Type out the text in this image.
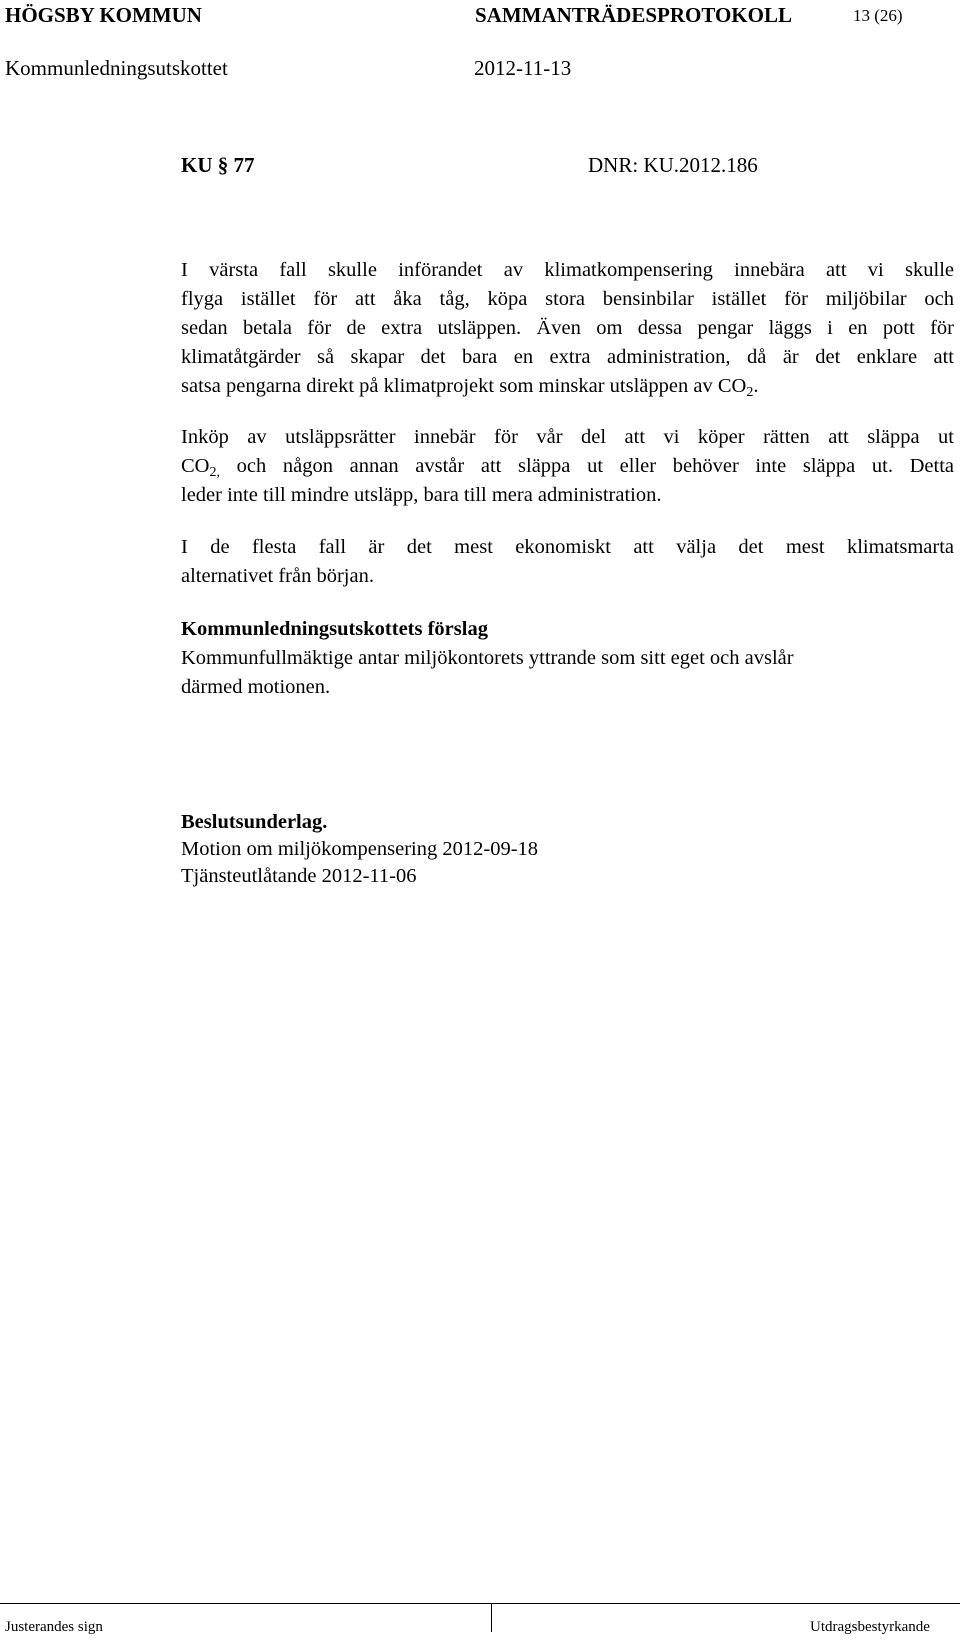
HÖGSBY KOMMUN	SAMMANTRÄDESPROTOKOLL	13 (26)
Kommunledningsutskottet	2012-11-13
KU § 77	DNR: KU.2012.186
I värsta fall skulle införandet av klimatkompensering innebära att vi skulle
flyga istället för att åka tåg, köpa stora bensinbilar istället för miljöbilar och
sedan betala för de extra utsläppen. Även om dessa pengar läggs i en pott för
klimatåtgärder så skapar det bara en extra administration, då är det enklare att
satsa pengarna direkt på klimatprojekt som minskar utsläppen av $CO_2$.
Inköp av utsläppsrätter innebär för vår del att vi köper rätten att släppa ut
$CO_{2,}$ och någon annan avstår att släppa ut eller behöver inte släppa ut. Detta
leder inte till mindre utsläpp, bara till mera administration.
I de flesta fall är det mest ekonomiskt att välja det mest klimatsmarta
alternativet från början.
Kommunledningsutskottets förslag
Kommunfullmäktige antar miljökontorets yttrande som sitt eget och avslår
därmed motionen.
Beslutsunderlag.
Motion om miljökompensering 2012-09-18
Tjänsteutlåtande 2012-11-06
Justerandes sign	Utdragsbestyrkande
